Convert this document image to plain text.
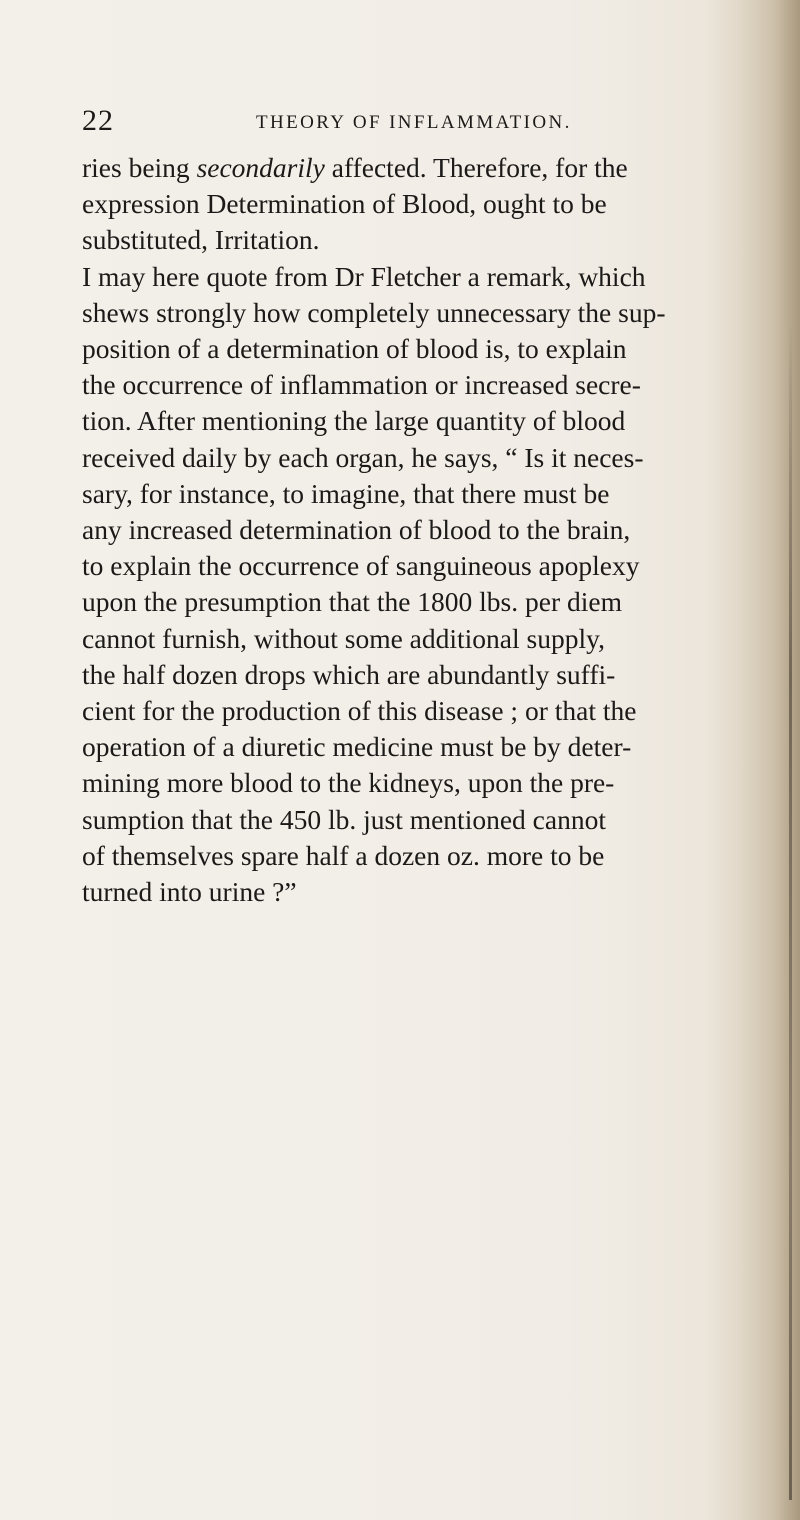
22	THEORY OF INFLAMMATION.

ries being secondarily affected. Therefore, for the
expression Determination of Blood, ought to be
substituted, Irritation.
I may here quote from Dr Fletcher a remark, which
shews strongly how completely unnecessary the sup-
position of a determination of blood is, to explain
the occurrence of inflammation or increased secre-
tion. After mentioning the large quantity of blood
received daily by each organ, he says, “ Is it neces-
sary, for instance, to imagine, that there must be
any increased determination of blood to the brain,
to explain the occurrence of sanguineous apoplexy
upon the presumption that the 1800 lbs. per diem
cannot furnish, without some additional supply,
the half dozen drops which are abundantly suffi-
cient for the production of this disease ; or that the
operation of a diuretic medicine must be by deter-
mining more blood to the kidneys, upon the pre-
sumption that the 450 lb. just mentioned cannot
of themselves spare half a dozen oz. more to be
turned into urine ?”
